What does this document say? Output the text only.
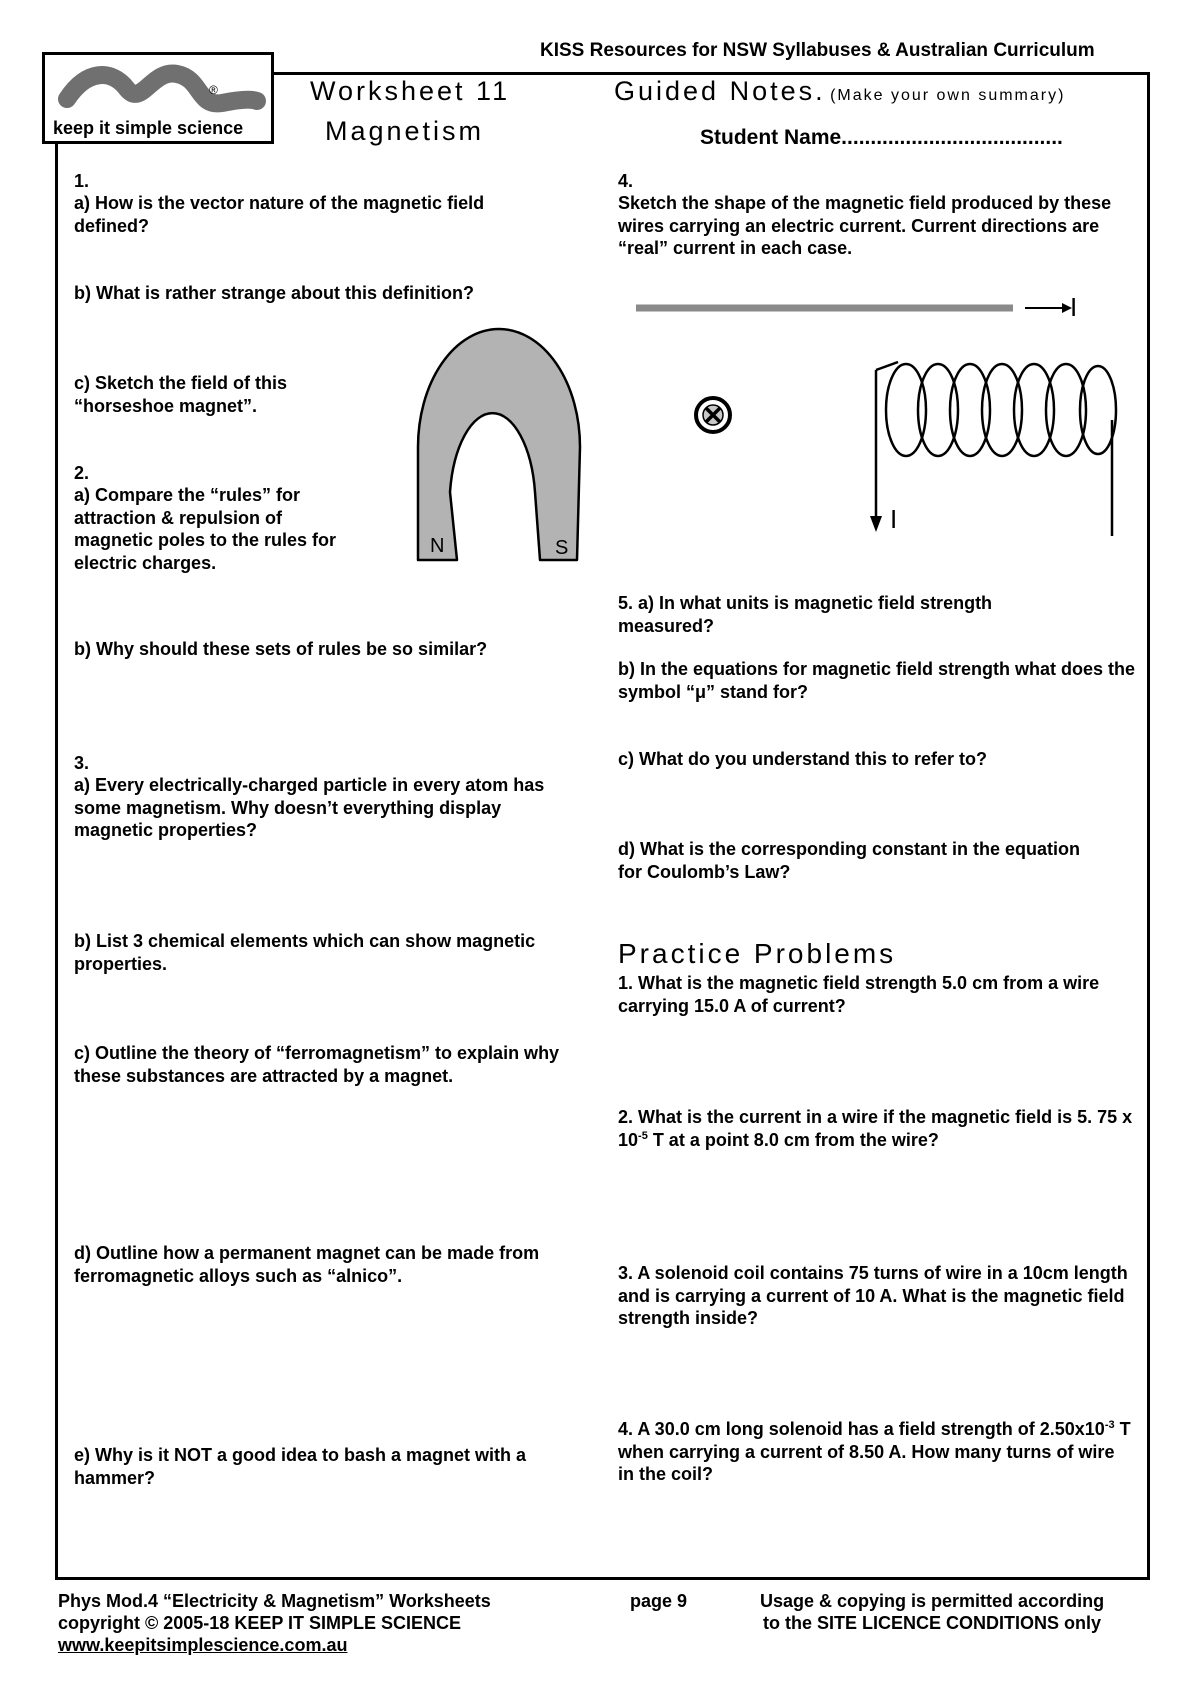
KISS Resources for NSW Syllabuses & Australian Curriculum
®
keep it simple science
Worksheet 11
Magnetism
Guided Notes. (Make your own summary)
Student Name......................................
1.
a) How is the vector nature of the magnetic field defined?
b) What is rather strange about this definition?
c) Sketch the field of this “horseshoe magnet”.
2.
a) Compare the “rules” for attraction & repulsion of magnetic poles to the rules for electric charges.
b) Why should these sets of rules be so similar?
3.
a) Every electrically-charged particle in every atom has some magnetism. Why doesn’t everything display magnetic properties?
b) List 3 chemical elements which can show magnetic properties.
c) Outline the theory of “ferromagnetism” to explain why these substances are attracted by a magnet.
d) Outline how a permanent magnet can be made from ferromagnetic alloys such as “alnico”.
e) Why is it NOT a good idea to bash a magnet with a hammer?
N	S
4.
Sketch the shape of the magnetic field produced by these wires carrying an electric current. Current directions are “real” current in each case.
I
I
5. a) In what units is magnetic field strength measured?
b) In the equations for magnetic field strength what does the symbol “μ” stand for?
c) What do you understand this to refer to?
d) What is the corresponding constant in the equation for Coulomb’s Law?
Practice Problems
1. What is the magnetic field strength 5.0 cm from a wire carrying 15.0 A of current?
2. What is the current in a wire if the magnetic field is 5. 75 x $10^{-5}$ T at a point 8.0 cm from the wire?
3. A solenoid coil contains 75 turns of wire in a 10cm length and is carrying a current of 10 A. What is the magnetic field strength inside?
4. A 30.0 cm long solenoid has a field strength of $2.50x10^{-3}$ T when carrying a current of 8.50 A. How many turns of wire in the coil?
Phys Mod.4 “Electricity & Magnetism” Worksheets
copyright © 2005-18 KEEP IT SIMPLE SCIENCE
www.keepitsimplescience.com.au
page 9	Usage & copying is permitted according
to the SITE LICENCE CONDITIONS only
